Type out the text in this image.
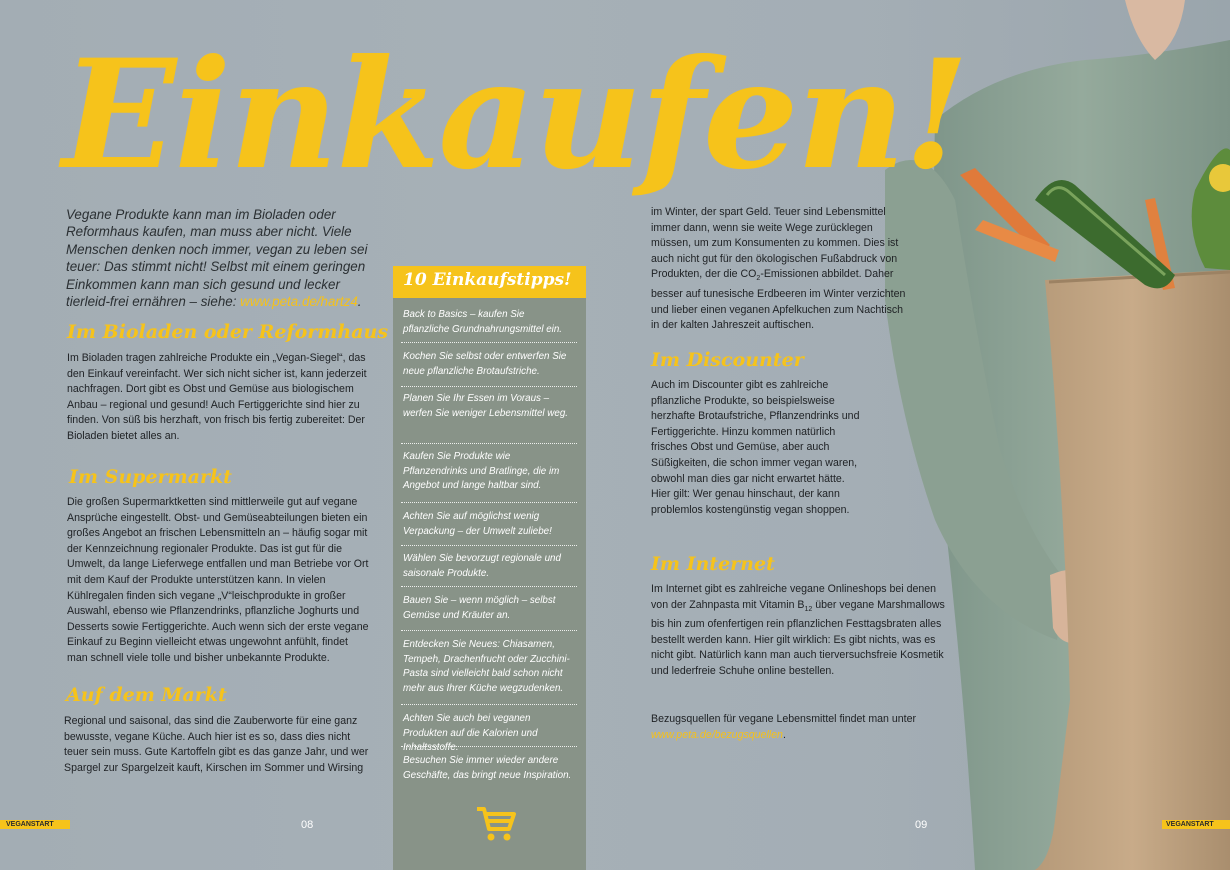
Einkaufen!
Vegane Produkte kann man im Bioladen oder Reformhaus kaufen, man muss aber nicht. Viele Menschen denken noch immer, vegan zu leben sei teuer: Das stimmt nicht! Selbst mit einem geringen Einkommen kann man sich gesund und lecker tierleid-frei ernähren – siehe: www.peta.de/hartz4.
Im Bioladen oder Reformhaus
Im Bioladen tragen zahlreiche Produkte ein „Vegan-Siegel“, das den Einkauf vereinfacht. Wer sich nicht sicher ist, kann jederzeit nachfragen. Dort gibt es Obst und Gemüse aus biologischem Anbau – regional und gesund! Auch Fertiggerichte sind hier zu finden. Von süß bis herzhaft, von frisch bis fertig zubereitet: Der Bioladen bietet alles an.
Im Supermarkt
Die großen Supermarktketten sind mittlerweile gut auf vegane Ansprüche eingestellt. Obst- und Gemüseabteilungen bieten ein großes Angebot an frischen Lebensmitteln an – häufig sogar mit der Kennzeichnung regionaler Produkte. Das ist gut für die Umwelt, da lange Lieferwege entfallen und man Betriebe vor Ort mit dem Kauf der Produkte unterstützen kann. In vielen Kühlregalen finden sich vegane „V“leischprodukte in großer Auswahl, ebenso wie Pflanzendrinks, pflanzliche Joghurts und Desserts sowie Fertiggerichte. Auch wenn sich der erste vegane Einkauf zu Beginn vielleicht etwas ungewohnt anfühlt, findet man schnell viele tolle und bisher unbekannte Produkte.
Auf dem Markt
Regional und saisonal, das sind die Zauberworte für eine ganz bewusste, vegane Küche. Auch hier ist es so, dass dies nicht teuer sein muss. Gute Kartoffeln gibt es das ganze Jahr, und wer Spargel zur Spargelzeit kauft, Kirschen im Sommer und Wirsing
10 Einkaufstipps!
Back to Basics – kaufen Sie pflanzliche Grundnahrungsmittel ein.
Kochen Sie selbst oder entwerfen Sie neue pflanzliche Brotaufstriche.
Planen Sie Ihr Essen im Voraus – werfen Sie weniger Lebensmittel weg.
Kaufen Sie Produkte wie Pflanzendrinks und Bratlinge, die im Angebot und lange haltbar sind.
Achten Sie auf möglichst wenig Verpackung – der Umwelt zuliebe!
Wählen Sie bevorzugt regionale und saisonale Produkte.
Bauen Sie – wenn möglich – selbst Gemüse und Kräuter an.
Entdecken Sie Neues: Chiasamen, Tempeh, Drachenfrucht oder Zucchini-Pasta sind vielleicht bald schon nicht mehr aus Ihrer Küche wegzudenken.
Achten Sie auch bei veganen Produkten auf die Kalorien und Inhaltsstoffe.
Besuchen Sie immer wieder andere Geschäfte, das bringt neue Inspiration.
im Winter, der spart Geld. Teuer sind Lebensmittel immer dann, wenn sie weite Wege zurücklegen müssen, um zum Konsumenten zu kommen. Dies ist auch nicht gut für den ökologischen Fußabdruck von Produkten, der die $CO_2$-Emissionen abbildet. Daher besser auf tunesische Erdbeeren im Winter verzichten und lieber einen veganen Apfelkuchen zum Nachtisch in der kalten Jahreszeit auftischen.
Im Discounter
Auch im Discounter gibt es zahlreiche pflanzliche Produkte, so beispielsweise herzhafte Brotaufstriche, Pflanzendrinks und Fertiggerichte. Hinzu kommen natürlich frisches Obst und Gemüse, aber auch Süßigkeiten, die schon immer vegan waren, obwohl man dies gar nicht erwartet hätte. Hier gilt: Wer genau hinschaut, der kann problemlos kostengünstig vegan shoppen.
Im Internet
Im Internet gibt es zahlreiche vegane Onlineshops bei denen von der Zahnpasta mit Vitamin $B_{12}$ über vegane Marshmallows bis hin zum ofenfertigen rein pflanzlichen Festtagsbraten alles bestellt werden kann. Hier gilt wirklich: Es gibt nichts, was es nicht gibt. Natürlich kann man auch tierversuchsfreie Kosmetik und lederfreie Schuhe online bestellen.
Bezugsquellen für vegane Lebensmittel findet man unter
www.peta.de/bezugsquellen.
VEGANSTART	08	09	VEGANSTART
